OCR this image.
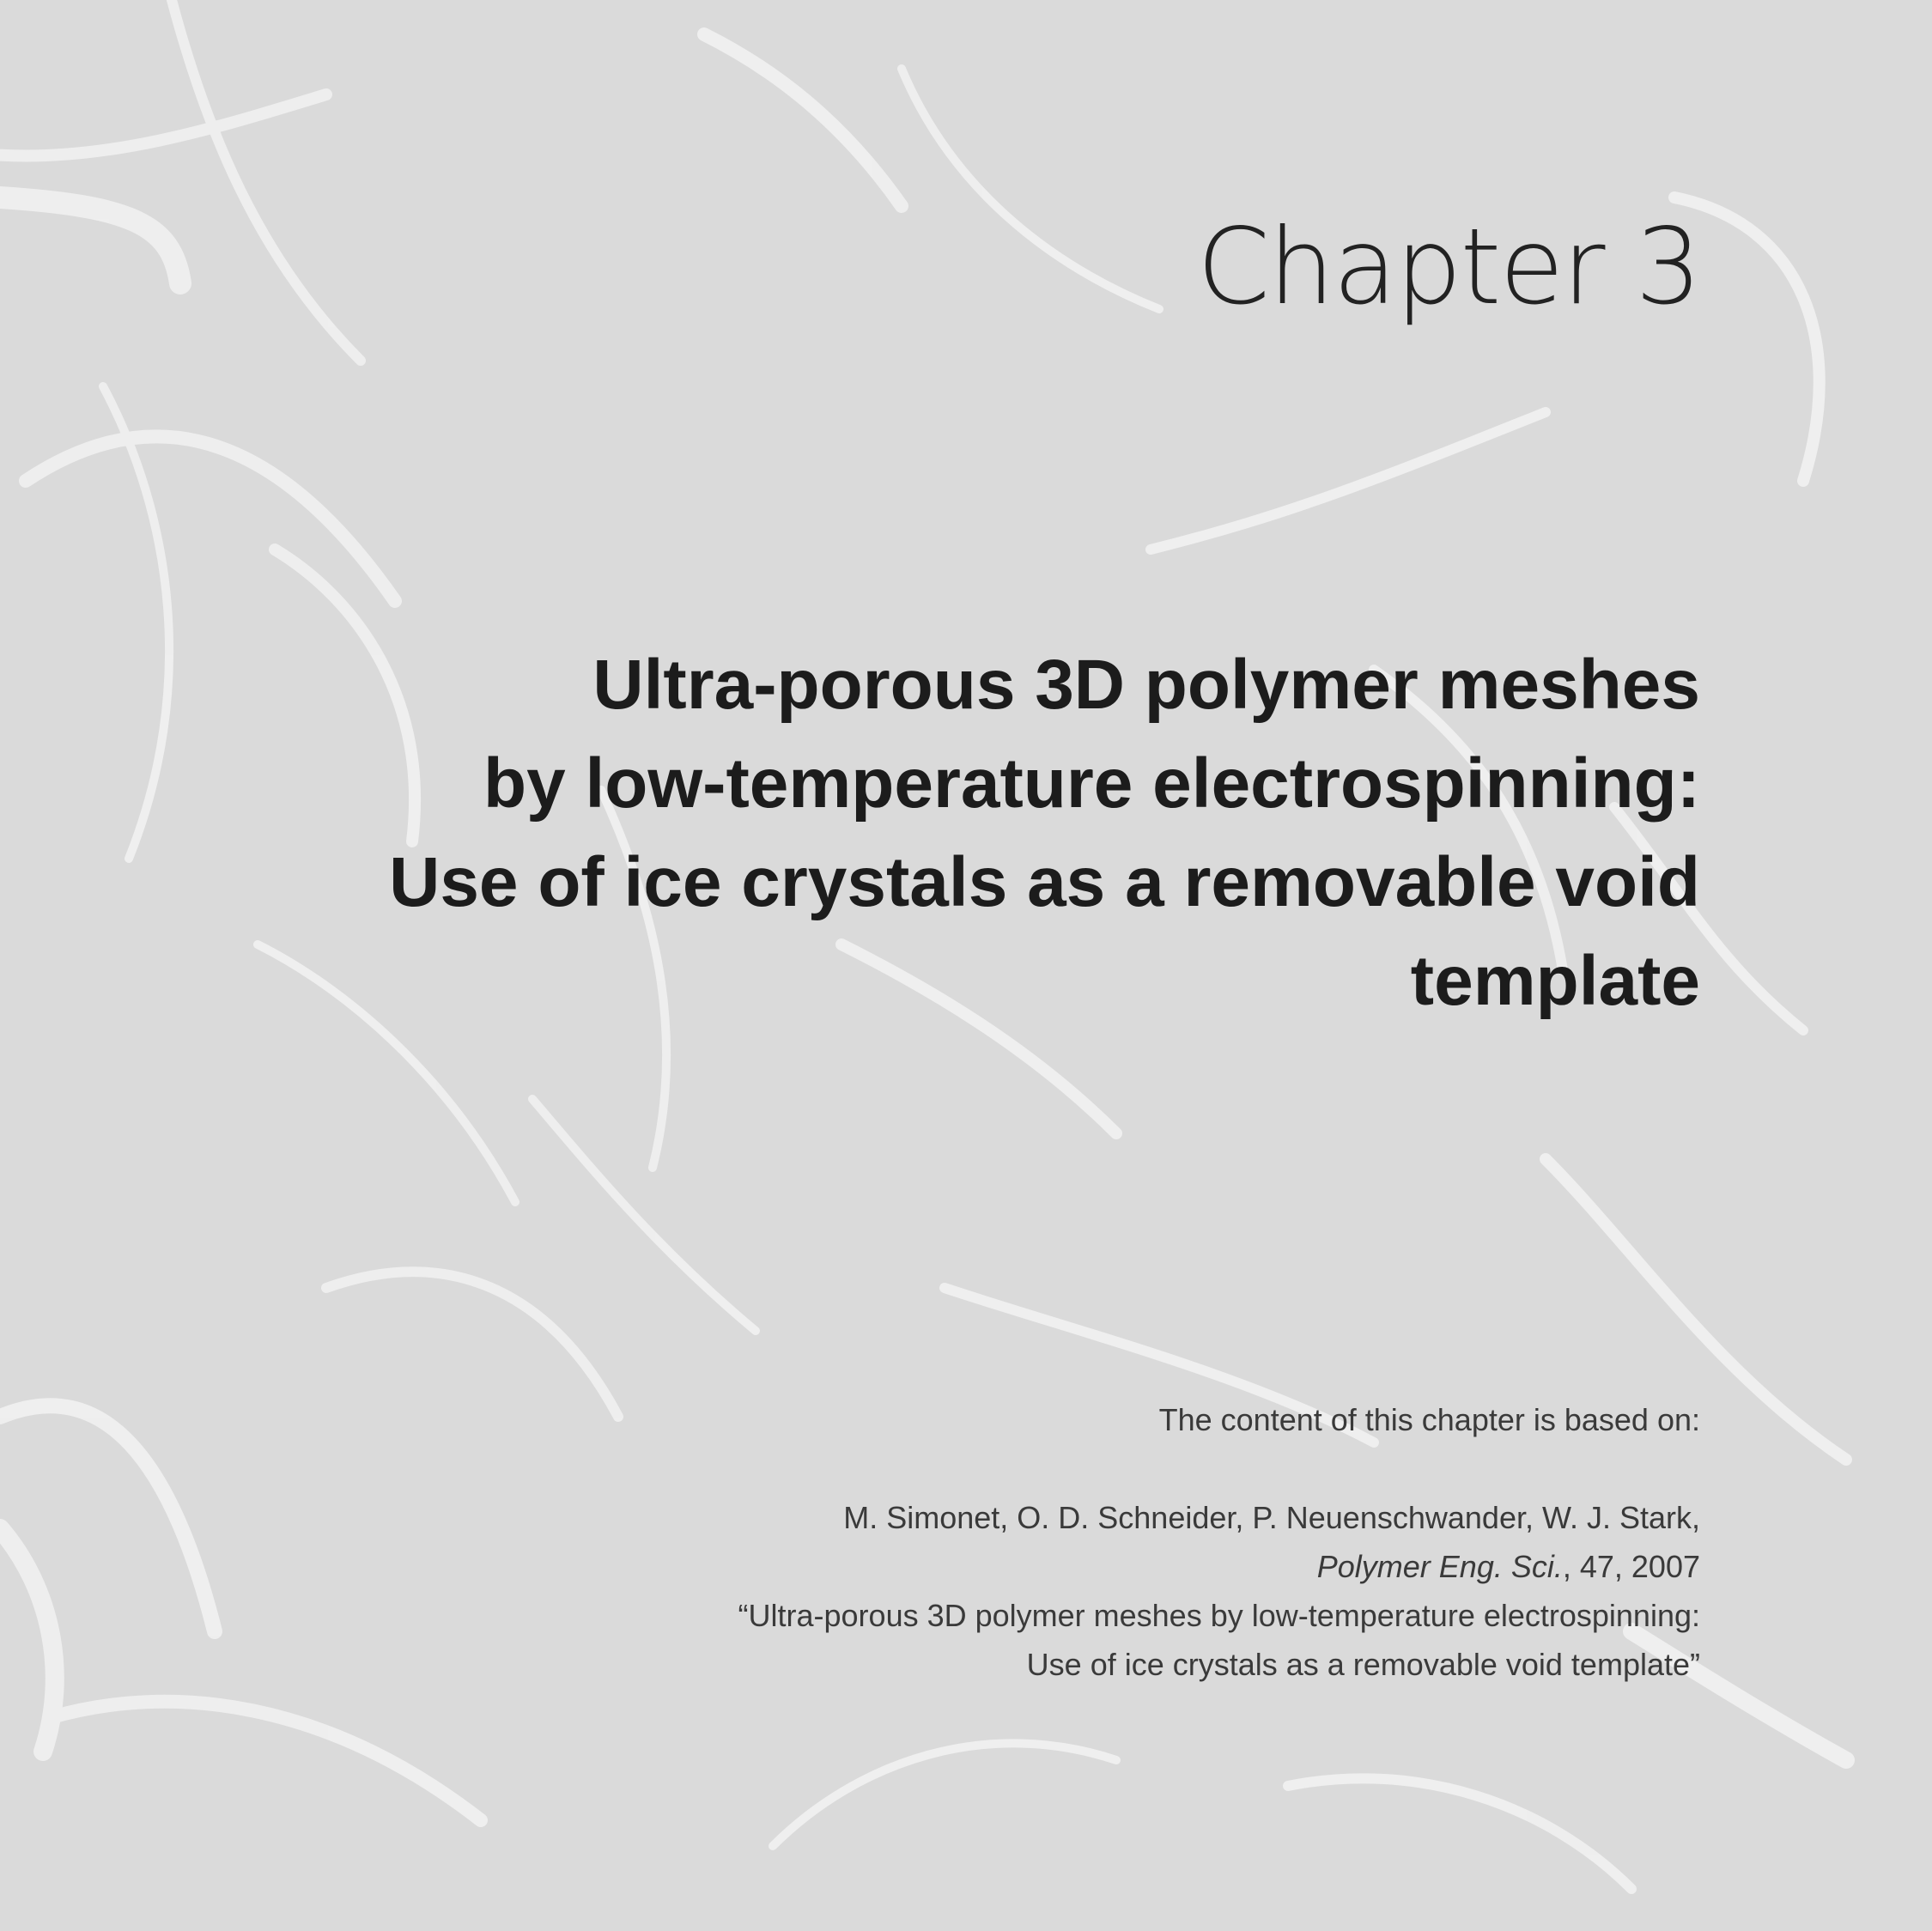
Chapter 3
Ultra-porous 3D polymer meshes
by low-temperature electrospinning:
Use of ice crystals as a removable void
template
The content of this chapter is based on:
M. Simonet, O. D. Schneider, P. Neuenschwander, W. J. Stark,
Polymer Eng. Sci., 47, 2007
“Ultra-porous 3D polymer meshes by low-temperature electrospinning:
Use of ice crystals as a removable void template”
